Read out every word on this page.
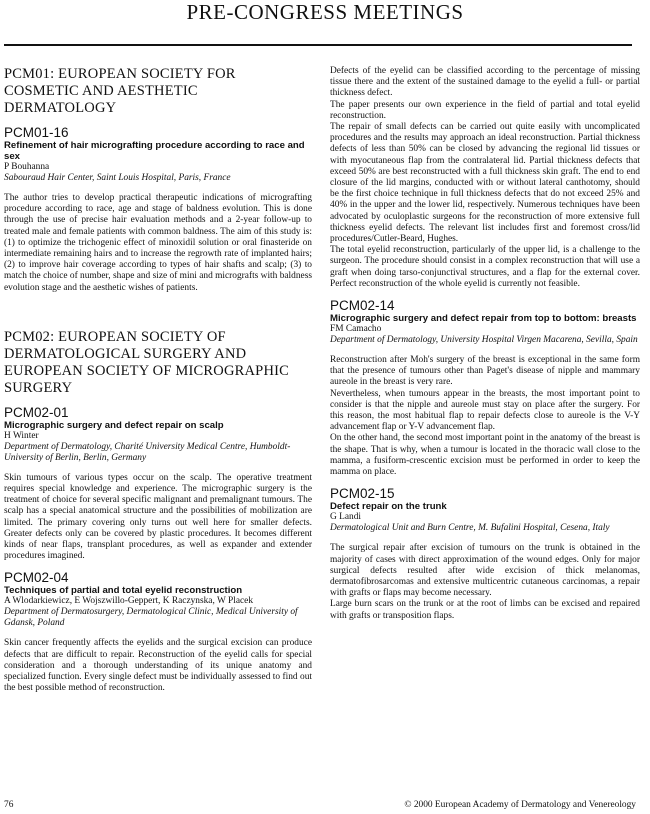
PRE-CONGRESS MEETINGS
PCM01: EUROPEAN SOCIETY FOR COSMETIC AND AESTHETIC DERMATOLOGY
PCM01-16
Refinement of hair micrografting procedure according to race and sex
P Bouhanna
Sabouraud Hair Center, Saint Louis Hospital, Paris, France
The author tries to develop practical therapeutic indications of micrografting procedure according to race, age and stage of baldness evolution. This is done through the use of precise hair evaluation methods and a 2-year follow-up to treated male and female patients with common baldness. The aim of this study is: (1) to optimize the trichogenic effect of minoxidil solution or oral finasteride on intermediate remaining hairs and to increase the regrowth rate of implanted hairs; (2) to improve hair coverage according to types of hair shafts and scalp; (3) to match the choice of number, shape and size of mini and micrografts with baldness evolution stage and the aesthetic wishes of patients.
PCM02: EUROPEAN SOCIETY OF DERMATOLOGICAL SURGERY AND EUROPEAN SOCIETY OF MICROGRAPHIC SURGERY
PCM02-01
Micrographic surgery and defect repair on scalp
H Winter
Department of Dermatology, Charité University Medical Centre, Humboldt-University of Berlin, Berlin, Germany
Skin tumours of various types occur on the scalp. The operative treatment requires special knowledge and experience. The micrographic surgery is the treatment of choice for several specific malignant and premalignant tumours. The scalp has a special anatomical structure and the possibilities of mobilization are limited. The primary covering only turns out well here for smaller defects. Greater defects only can be covered by plastic procedures. It becomes different kinds of near flaps, transplant procedures, as well as expander and extender procedures imagined.
PCM02-04
Techniques of partial and total eyelid reconstruction
A Wlodarkiewicz, E Wojszwillo-Geppert, K Raczynska, W Placek
Department of Dermatosurgery, Dermatological Clinic, Medical University of Gdansk, Poland
Skin cancer frequently affects the eyelids and the surgical excision can produce defects that are difficult to repair. Reconstruction of the eyelid calls for special consideration and a thorough understanding of its unique anatomy and specialized function. Every single defect must be individually assessed to find out the best possible method of reconstruction.
Defects of the eyelid can be classified according to the percentage of missing tissue there and the extent of the sustained damage to the eyelid a full- or partial thickness defect.
The paper presents our own experience in the field of partial and total eyelid reconstruction.
The repair of small defects can be carried out quite easily with uncomplicated procedures and the results may approach an ideal reconstruction. Partial thickness defects of less than 50% can be closed by advancing the regional lid tissues or with myocutaneous flap from the contralateral lid. Partial thickness defects that exceed 50% are best reconstructed with a full thickness skin graft. The end to end closure of the lid margins, conducted with or without lateral canthotomy, should be the first choice technique in full thickness defects that do not exceed 25% and 40% in the upper and the lower lid, respectively. Numerous techniques have been advocated by oculoplastic surgeons for the reconstruction of more extensive full thickness eyelid defects. The relevant list includes first and foremost cross/lid procedures/Cutler-Beard, Hughes.
The total eyelid reconstruction, particularly of the upper lid, is a challenge to the surgeon. The procedure should consist in a complex reconstruction that will use a graft when doing tarso-conjunctival structures, and a flap for the external cover. Perfect reconstruction of the whole eyelid is currently not feasible.
PCM02-14
Micrographic surgery and defect repair from top to bottom: breasts
FM Camacho
Department of Dermatology, University Hospital Virgen Macarena, Sevilla, Spain
Reconstruction after Moh's surgery of the breast is exceptional in the same form that the presence of tumours other than Paget's disease of nipple and mammary aureole in the breast is very rare.
Nevertheless, when tumours appear in the breasts, the most important point to consider is that the nipple and aureole must stay on place after the surgery. For this reason, the most habitual flap to repair defects close to aureole is the V-Y advancement flap or Y-V advancement flap.
On the other hand, the second most important point in the anatomy of the breast is the shape. That is why, when a tumour is located in the thoracic wall close to the mamma, a fusiform-crescentic excision must be performed in order to keep the mamma on place.
PCM02-15
Defect repair on the trunk
G Landi
Dermatological Unit and Burn Centre, M. Bufalini Hospital, Cesena, Italy
The surgical repair after excision of tumours on the trunk is obtained in the majority of cases with direct approximation of the wound edges. Only for major surgical defects resulted after wide excision of thick melanomas, dermatofibrosarcomas and extensive multicentric cutaneous carcinomas, a repair with grafts or flaps may become necessary.
Large burn scars on the trunk or at the root of limbs can be excised and repaired with grafts or transposition flaps.
76	© 2000 European Academy of Dermatology and Venereology
